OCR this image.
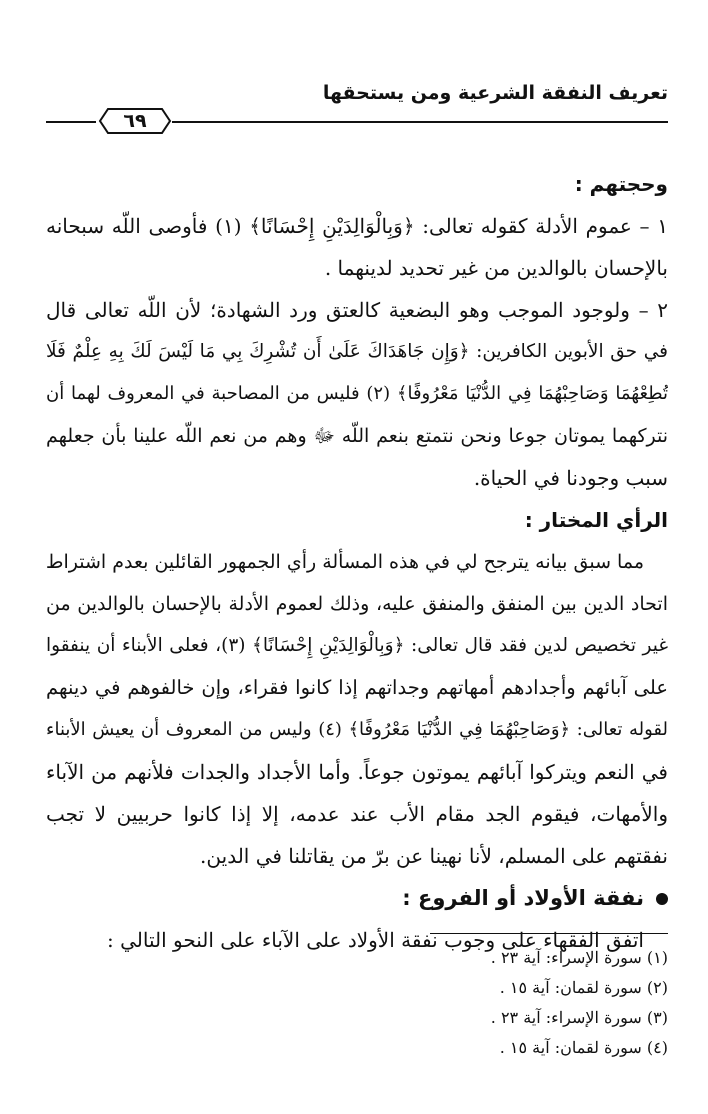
تعريف النفقة الشرعية ومن يستحقها
٦٩
وحجتهم :
١ – عموم الأدلة كقوله تعالى: ﴿وَبِالْوَالِدَيْنِ إِحْسَانًا﴾ (١) فأوصى اللّه سبحانه
بالإحسان بالوالدين من غير تحديد لدينهما .
٢ – ولوجود الموجب وهو البضعية كالعتق ورد الشهادة؛ لأن اللّه تعالى قال
في حق الأبوين الكافرين: ﴿وَإِن جَاهَدَاكَ عَلَىٰ أَن تُشْرِكَ بِي مَا لَيْسَ لَكَ بِهِ عِلْمٌ فَلَا
تُطِعْهُمَا وَصَاحِبْهُمَا فِي الدُّنْيَا مَعْرُوفًا﴾ (٢) فليس من المصاحبة في المعروف لهما أن
نتركهما يموتان جوعا ونحن نتمتع بنعم اللّه ﷻ وهم من نعم اللّه علينا بأن جعلهم
سبب وجودنا في الحياة.
الرأي المختار :
مما سبق بيانه يترجح لي في هذه المسألة رأي الجمهور القائلين بعدم اشتراط
اتحاد الدين بين المنفق والمنفق عليه، وذلك لعموم الأدلة بالإحسان بالوالدين من
غير تخصيص لدين فقد قال تعالى: ﴿وَبِالْوَالِدَيْنِ إِحْسَانًا﴾ (٣)، فعلى الأبناء أن ينفقوا
على آبائهم وأجدادهم أمهاتهم وجداتهم إذا كانوا فقراء، وإن خالفوهم في دينهم
لقوله تعالى: ﴿وَصَاحِبْهُمَا فِي الدُّنْيَا مَعْرُوفًا﴾ (٤) وليس من المعروف أن يعيش الأبناء
في النعم ويتركوا آبائهم يموتون جوعاً. وأما الأجداد والجدات فلأنهم من الآباء
والأمهات، فيقوم الجد مقام الأب عند عدمه، إلا إذا كانوا حربيين لا تجب
نفقتهم على المسلم، لأنا نهينا عن برّ من يقاتلنا في الدين.
نفقة الأولاد أو الفروع :
اتفق الفقهاء على وجوب نفقة الأولاد على الآباء على النحو التالي :
(١) سورة الإسراء: آية ٢٣ .
(٢) سورة لقمان: آية ١٥ .
(٣) سورة الإسراء: آية ٢٣ .
(٤) سورة لقمان: آية ١٥ .
